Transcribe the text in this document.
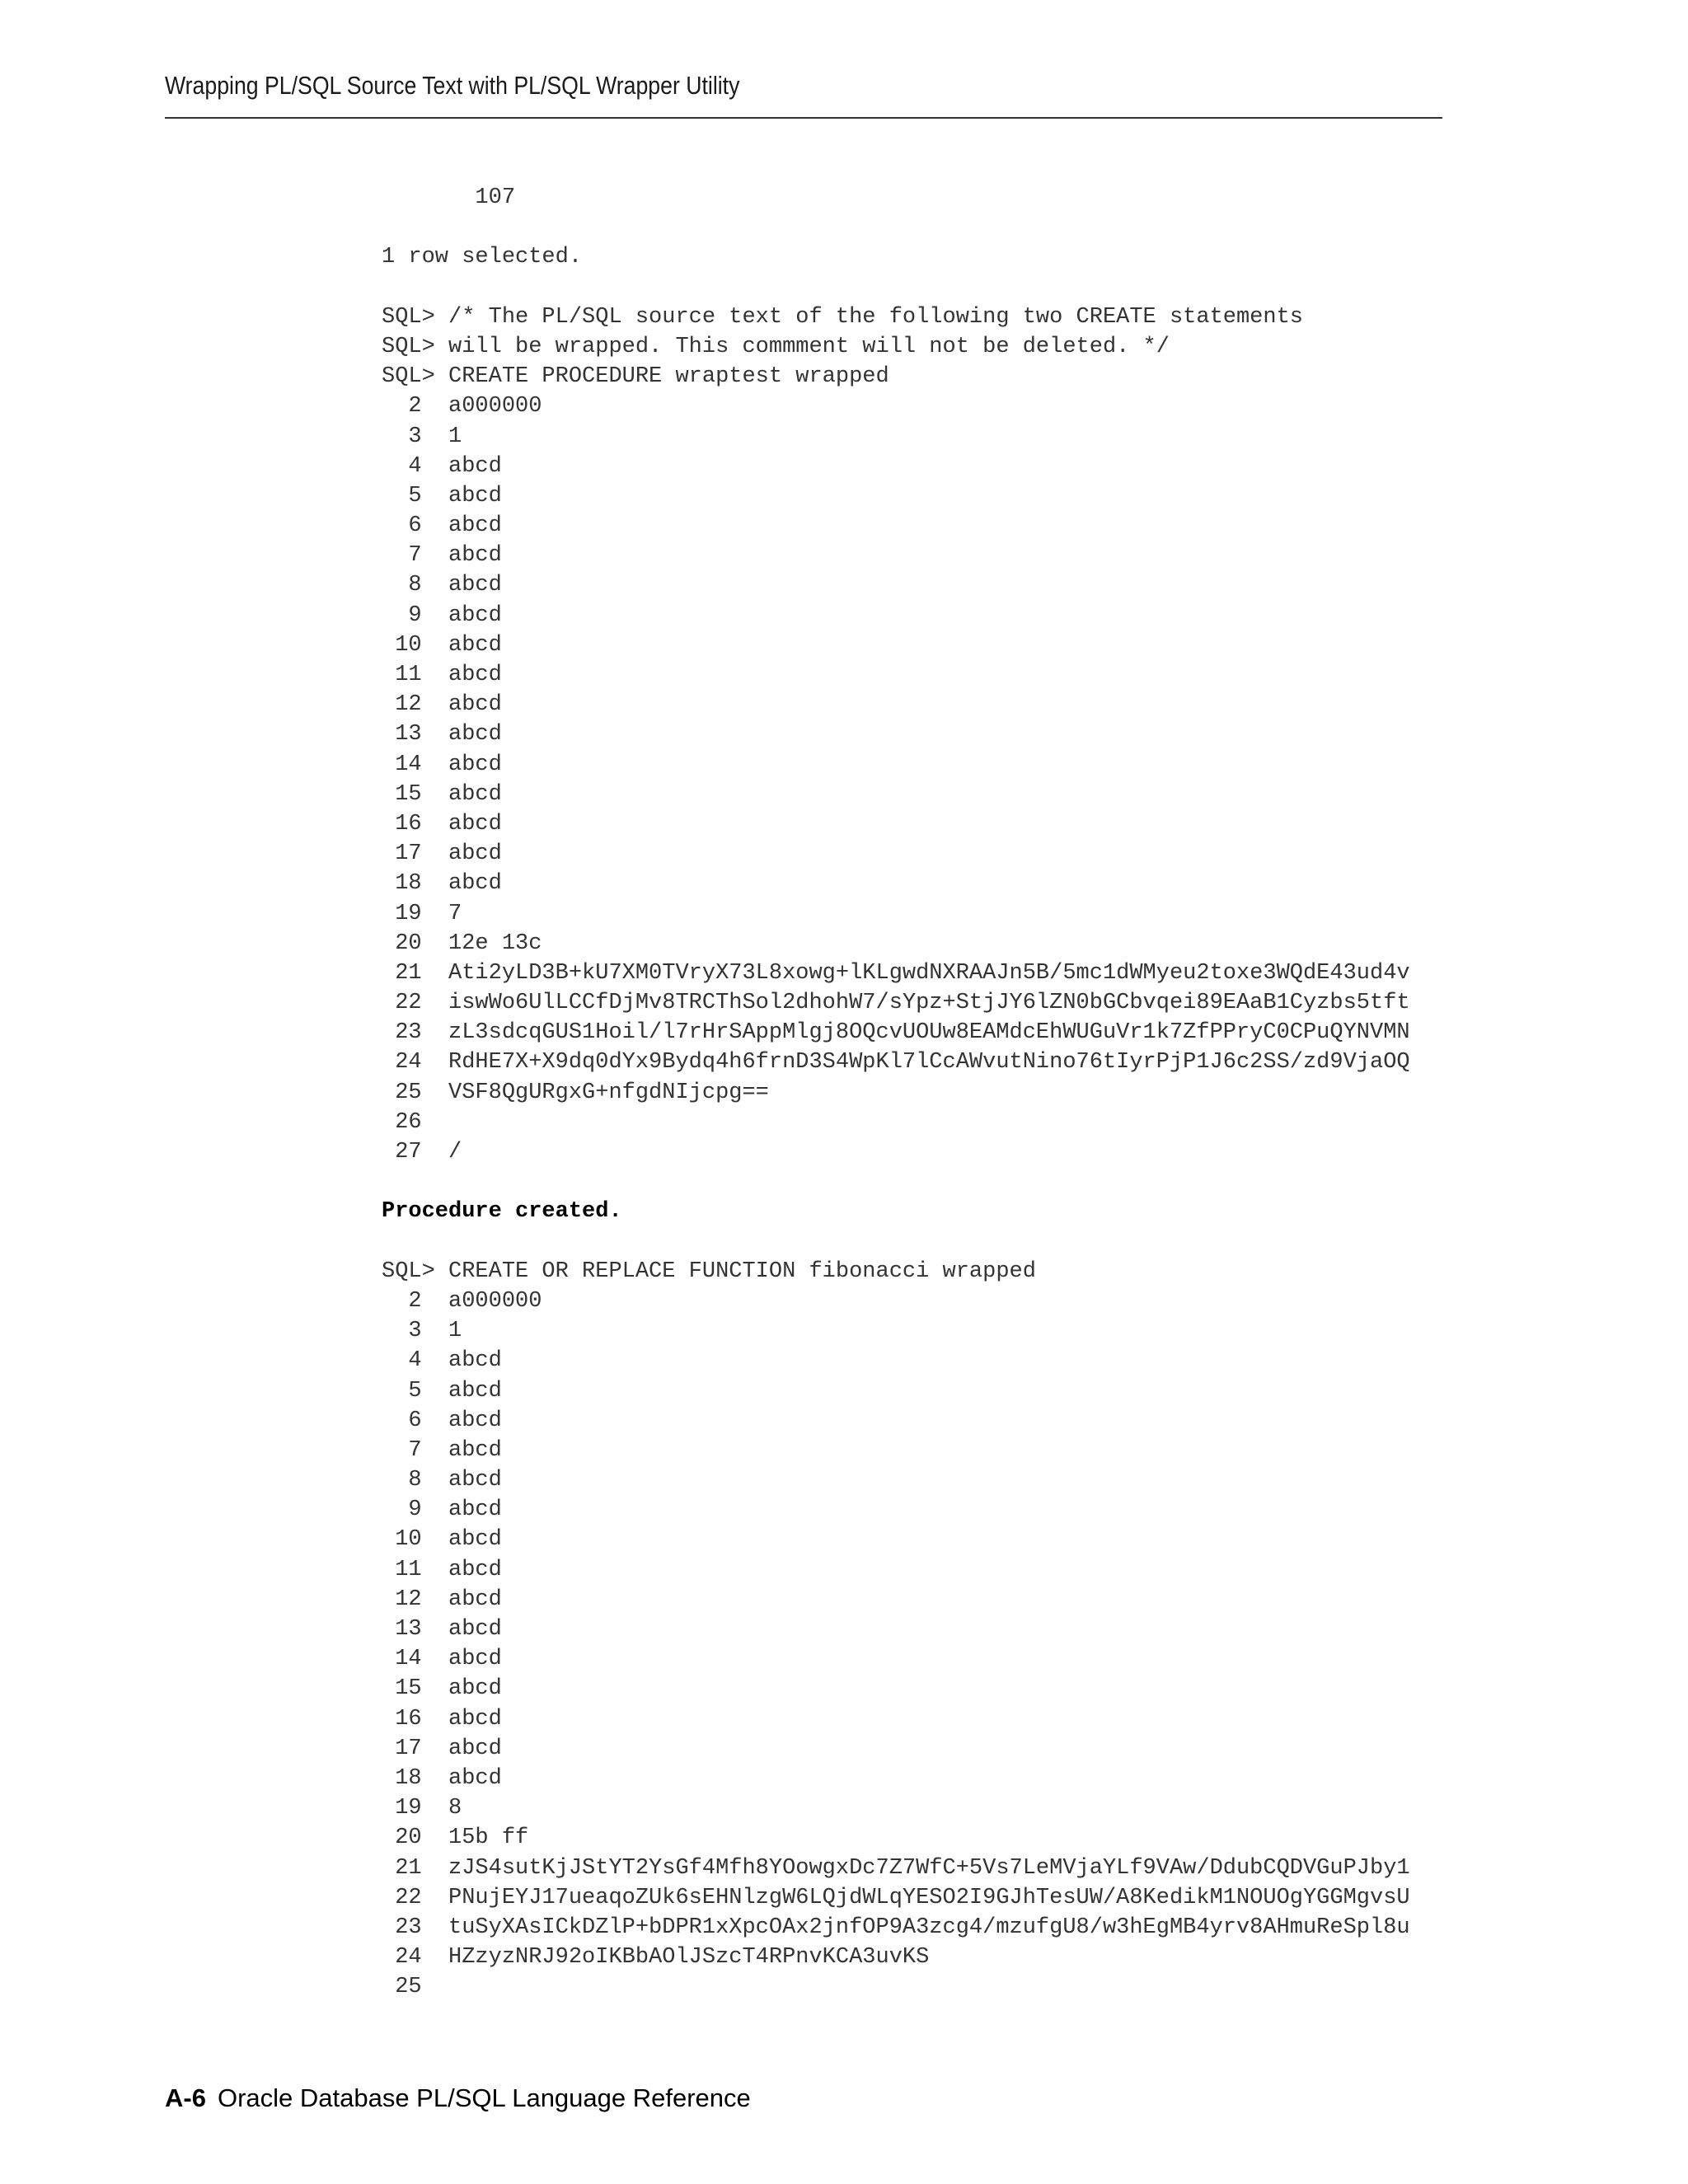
Wrapping PL/SQL Source Text with PL/SQL Wrapper Utility
107

1 row selected.

SQL> /* The PL/SQL source text of the following two CREATE statements
SQL> will be wrapped. This commment will not be deleted. */
SQL> CREATE PROCEDURE wraptest wrapped
2  a000000
3  1
4  abcd
5  abcd
6  abcd
7  abcd
8  abcd
9  abcd
10  abcd
11  abcd
12  abcd
13  abcd
14  abcd
15  abcd
16  abcd
17  abcd
18  abcd
19  7
20  12e 13c
21  Ati2yLD3B+kU7XM0TVryX73L8xowg+lKLgwdNXRAAJn5B/5mc1dWMyeu2toxe3WQdE43ud4v
22  iswWo6UlLCCfDjMv8TRCThSol2dhohW7/sYpz+StjJY6lZN0bGCbvqei89EAaB1Cyzbs5tft
23  zL3sdcqGUS1Hoil/l7rHrSAppMlgj8OQcvUOUw8EAMdcEhWUGuVr1k7ZfPPryC0CPuQYNVMN
24  RdHE7X+X9dq0dYx9Bydq4h6frnD3S4WpKl7lCcAWvutNino76tIyrPjP1J6c2SS/zd9VjaOQ
25  VSF8QgURgxG+nfgdNIjcpg==
26
27  /

Procedure created.

SQL> CREATE OR REPLACE FUNCTION fibonacci wrapped
2  a000000
3  1
4  abcd
5  abcd
6  abcd
7  abcd
8  abcd
9  abcd
10  abcd
11  abcd
12  abcd
13  abcd
14  abcd
15  abcd
16  abcd
17  abcd
18  abcd
19  8
20  15b ff
21  zJS4sutKjJStYT2YsGf4Mfh8YOowgxDc7Z7WfC+5Vs7LeMVjaYLf9VAw/DdubCQDVGuPJby1
22  PNujEYJ17ueaqoZUk6sEHNlzgW6LQjdWLqYESO2I9GJhTesUW/A8KedikM1NOUOgYGGMgvsU
23  tuSyXAsICkDZlP+bDPR1xXpcOAx2jnfOP9A3zcg4/mzufgU8/w3hEgMB4yrv8AHmuReSpl8u
24  HZzyzNRJ92oIKBbAOlJSzcT4RPnvKCA3uvKS
25
A-6 Oracle Database PL/SQL Language Reference
